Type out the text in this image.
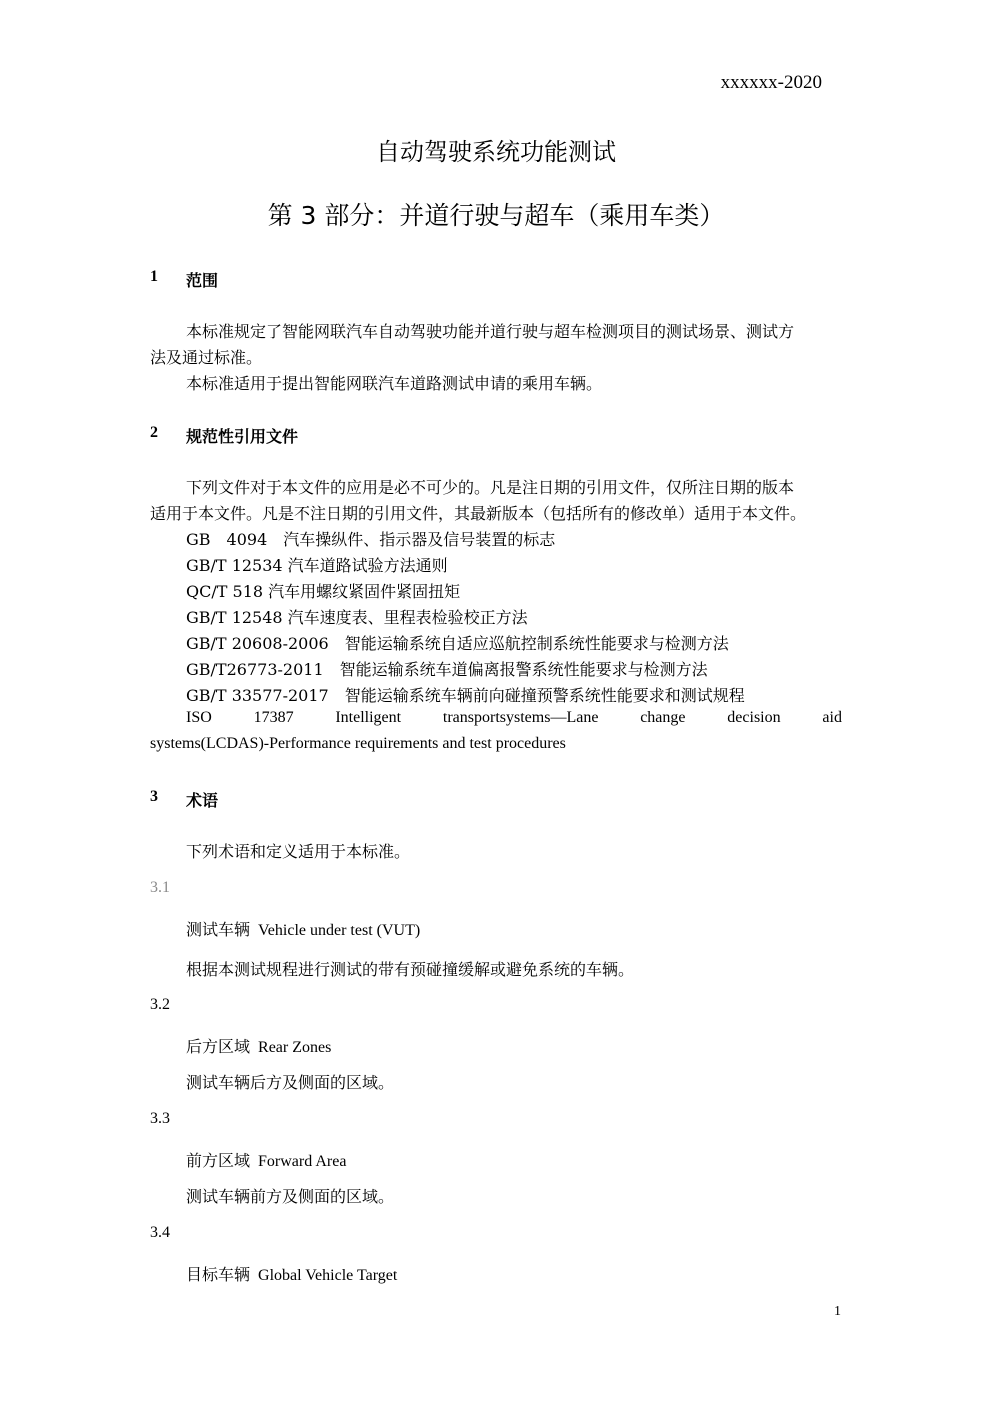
xxxxxx-2020
自动驾驶系统功能测试
第 3 部分：并道行驶与超车（乘用车类）
1 范围
本标准规定了智能网联汽车自动驾驶功能并道行驶与超车检测项目的测试场景、测试方
法及通过标准。
本标准适用于提出智能网联汽车道路测试申请的乘用车辆。
2 规范性引用文件
下列文件对于本文件的应用是必不可少的。凡是注日期的引用文件，仅所注日期的版本
适用于本文件。凡是不注日期的引用文件，其最新版本（包括所有的修改单）适用于本文件。
GB　4094　汽车操纵件、指示器及信号装置的标志
GB/T 12534 汽车道路试验方法通则
QC/T 518 汽车用螺纹紧固件紧固扭矩
GB/T 12548 汽车速度表、里程表检验校正方法
GB/T 20608-2006　智能运输系统自适应巡航控制系统性能要求与检测方法
GB/T26773-2011　智能运输系统车道偏离报警系统性能要求与检测方法
GB/T 33577-2017　智能运输系统车辆前向碰撞预警系统性能要求和测试规程
ISO	17387	Intelligent	transportsystems—Lane	change	decision	aid
systems(LCDAS)-Performance requirements and test procedures
3 术语
下列术语和定义适用于本标准。
3.1
测试车辆 Vehicle under test (VUT)
根据本测试规程进行测试的带有预碰撞缓解或避免系统的车辆。
3.2
后方区域 Rear Zones
测试车辆后方及侧面的区域。
3.3
前方区域 Forward Area
测试车辆前方及侧面的区域。
3.4
目标车辆 Global Vehicle Target
1
